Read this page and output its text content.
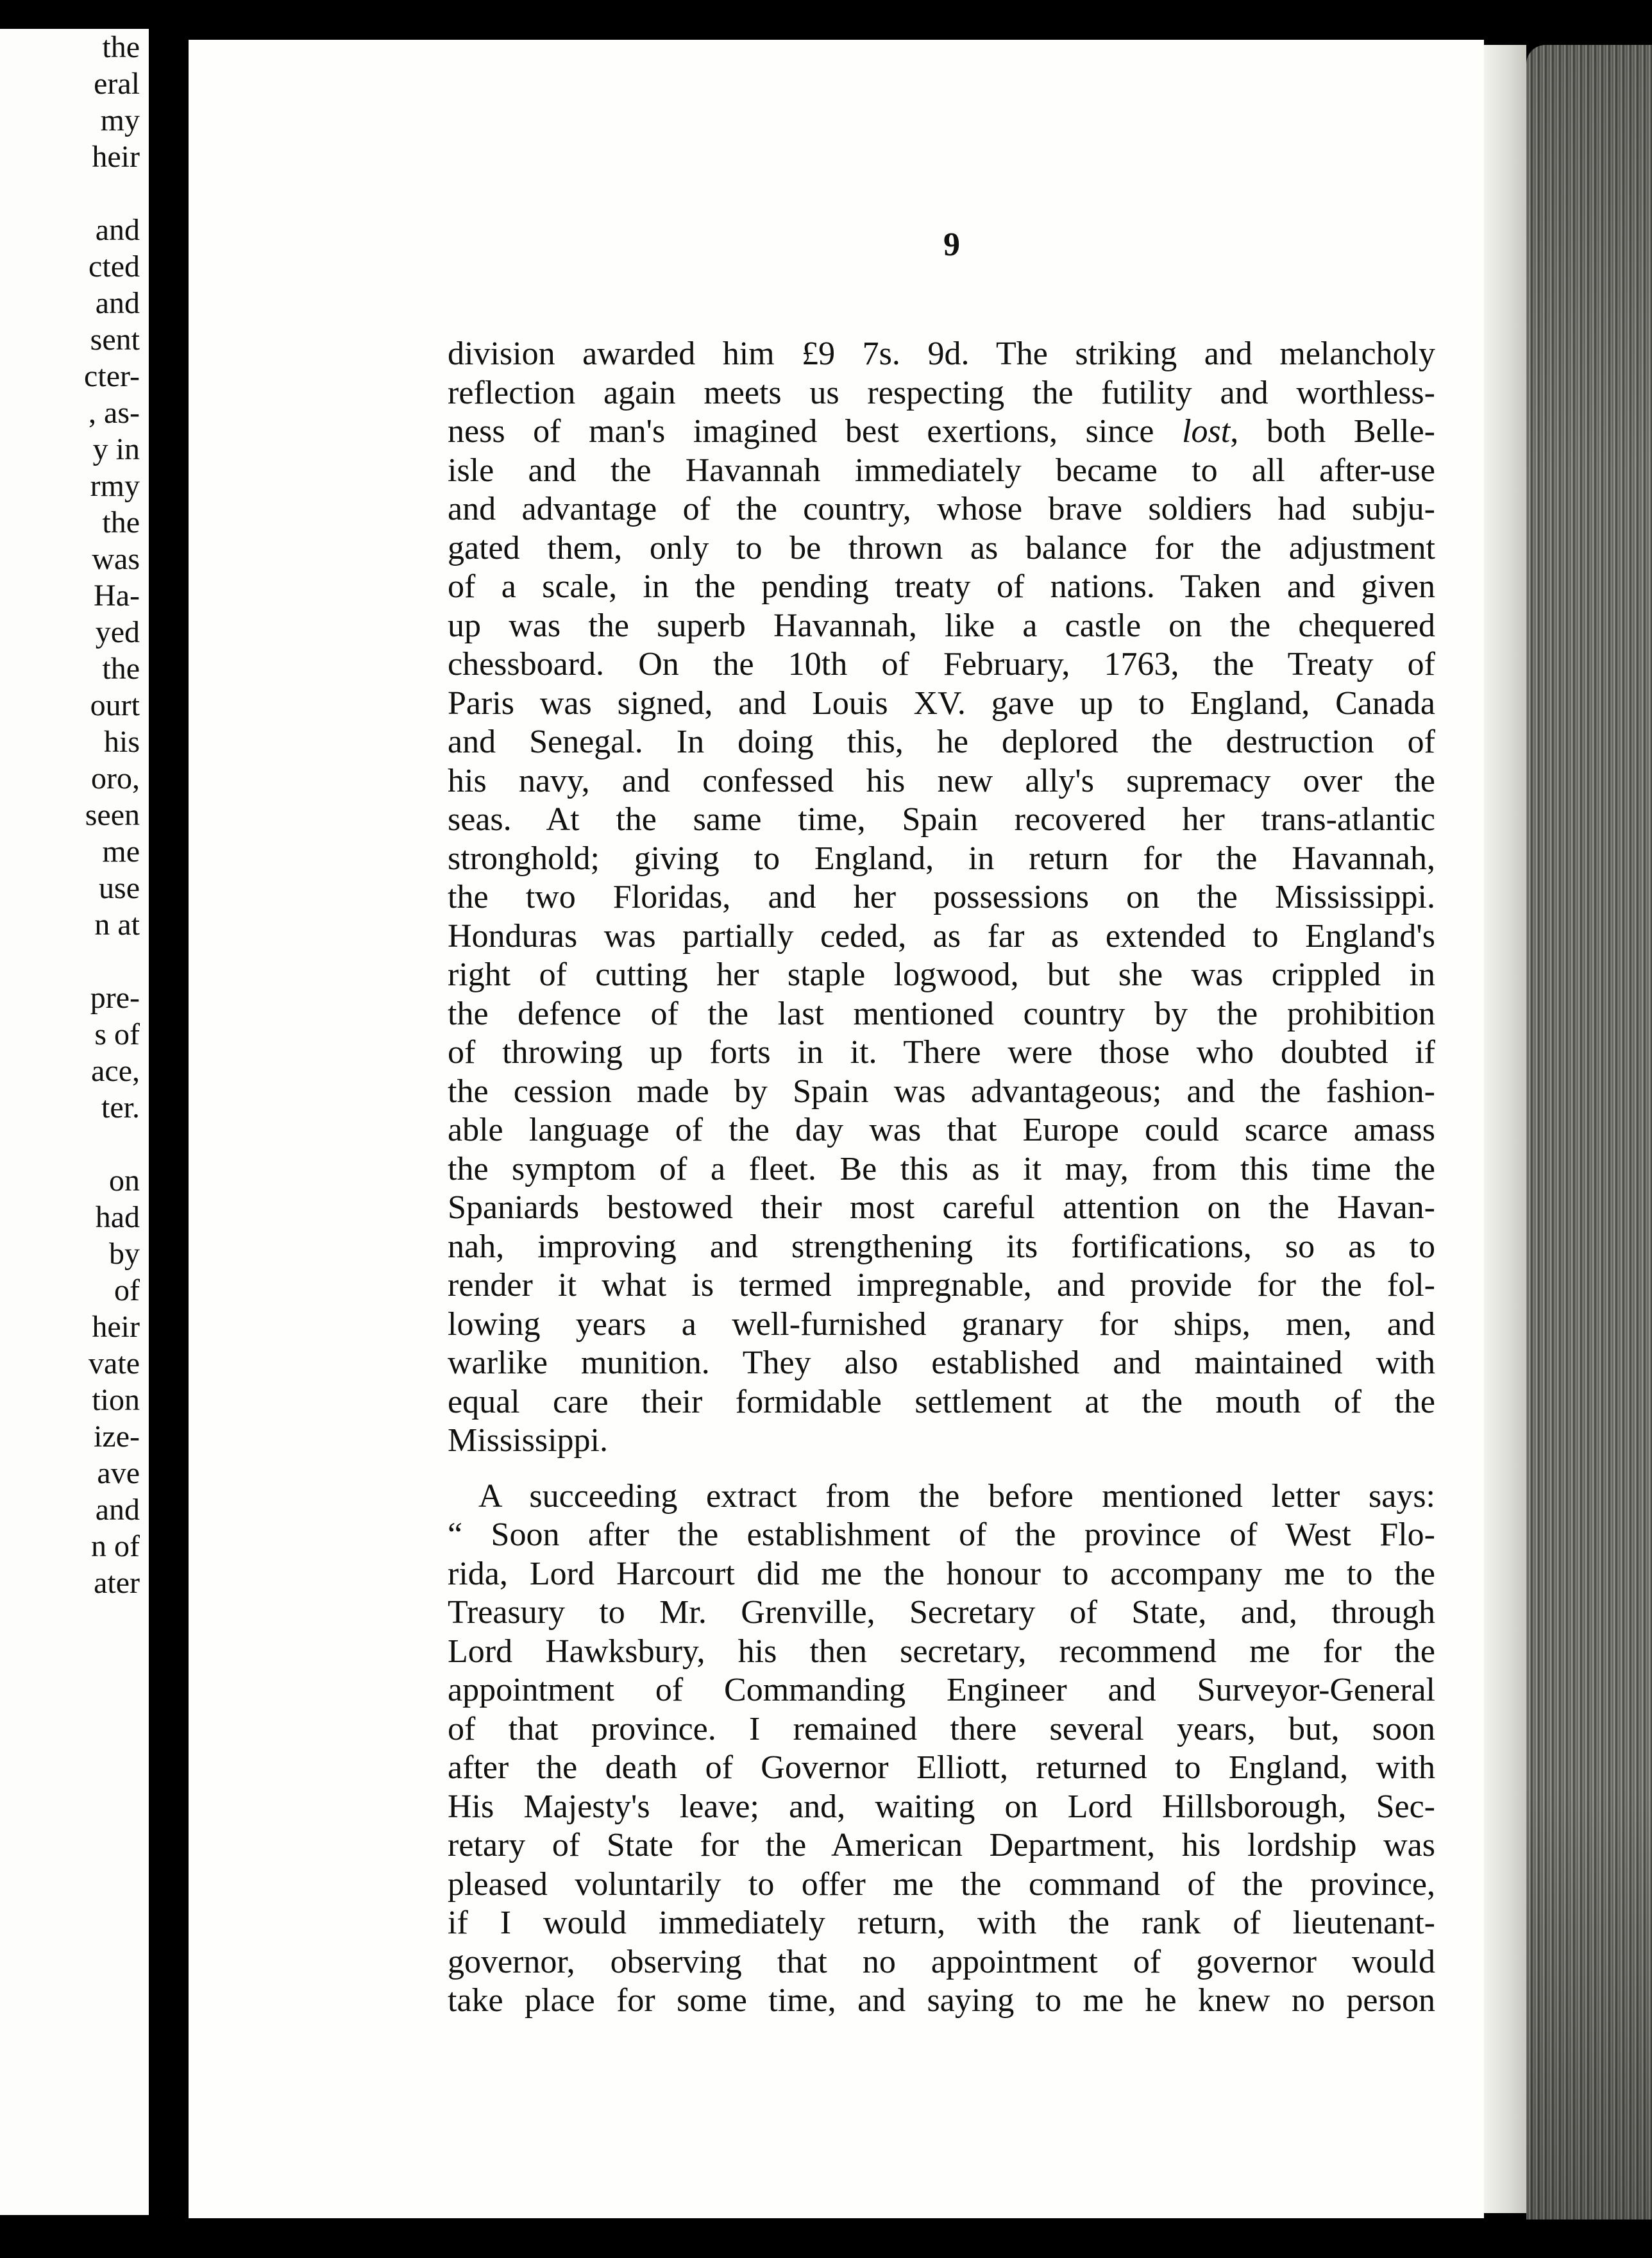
the
eral
my
heir
and
cted
and
sent
cter-
, as-
y in
rmy
the
was
Ha-
yed
the
ourt
his
oro,
seen
me
use
n at
pre-
s of
ace,
ter.
on
had
by
of
heir
vate
tion
ize-
ave
and
n of
ater
9
division awarded him £9 7s. 9d. The striking and melancholy
reflection again meets us respecting the futility and worthless-
ness of man's imagined best exertions, since lost, both Belle-
isle and the Havannah immediately became to all after-use
and advantage of the country, whose brave soldiers had subju-
gated them, only to be thrown as balance for the adjustment
of a scale, in the pending treaty of nations. Taken and given
up was the superb Havannah, like a castle on the chequered
chessboard. On the 10th of February, 1763, the Treaty of
Paris was signed, and Louis XV. gave up to England, Canada
and Senegal. In doing this, he deplored the destruction of
his navy, and confessed his new ally's supremacy over the
seas. At the same time, Spain recovered her trans-atlantic
stronghold; giving to England, in return for the Havannah,
the two Floridas, and her possessions on the Mississippi.
Honduras was partially ceded, as far as extended to England's
right of cutting her staple logwood, but she was crippled in
the defence of the last mentioned country by the prohibition
of throwing up forts in it. There were those who doubted if
the cession made by Spain was advantageous; and the fashion-
able language of the day was that Europe could scarce amass
the symptom of a fleet. Be this as it may, from this time the
Spaniards bestowed their most careful attention on the Havan-
nah, improving and strengthening its fortifications, so as to
render it what is termed impregnable, and provide for the fol-
lowing years a well-furnished granary for ships, men, and
warlike munition. They also established and maintained with
equal care their formidable settlement at the mouth of the
Mississippi.
A succeeding extract from the before mentioned letter says:
“ Soon after the establishment of the province of West Flo-
rida, Lord Harcourt did me the honour to accompany me to the
Treasury to Mr. Grenville, Secretary of State, and, through
Lord Hawksbury, his then secretary, recommend me for the
appointment of Commanding Engineer and Surveyor-General
of that province. I remained there several years, but, soon
after the death of Governor Elliott, returned to England, with
His Majesty's leave; and, waiting on Lord Hillsborough, Sec-
retary of State for the American Department, his lordship was
pleased voluntarily to offer me the command of the province,
if I would immediately return, with the rank of lieutenant-
governor, observing that no appointment of governor would
take place for some time, and saying to me he knew no person
